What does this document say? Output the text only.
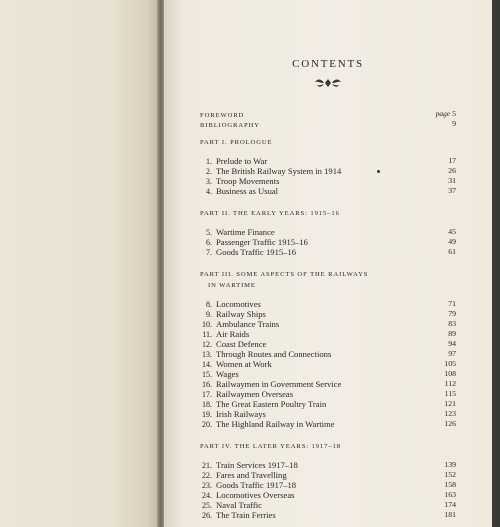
CONTENTS
FOREWORD	page 5
BIBLIOGRAPHY	9
PART I. PROLOGUE
1. Prelude to War	17
2. The British Railway System in 1914	26
3. Troop Movements	31
4. Business as Usual	37
PART II. THE EARLY YEARS: 1915–16
5. Wartime Finance	45
6. Passenger Traffic 1915–16	49
7. Goods Traffic 1915–16	61
PART III. SOME ASPECTS OF THE RAILWAYS
IN WARTIME
8. Locomotives	71
9. Railway Ships	79
10. Ambulance Trains	83
11. Air Raids	89
12. Coast Defence	94
13. Through Routes and Connections	97
14. Women at Work	105
15. Wages	108
16. Railwaymen in Government Service	112
17. Railwaymen Overseas	115
18. The Great Eastern Poultry Train	121
19. Irish Railways	123
20. The Highland Railway in Wartime	126
PART IV. THE LATER YEARS: 1917–18
21. Train Services 1917–18	139
22. Fares and Travelling	152
23. Goods Traffic 1917–18	158
24. Locomotives Overseas	163
25. Naval Traffic	174
26. The Train Ferries	181
